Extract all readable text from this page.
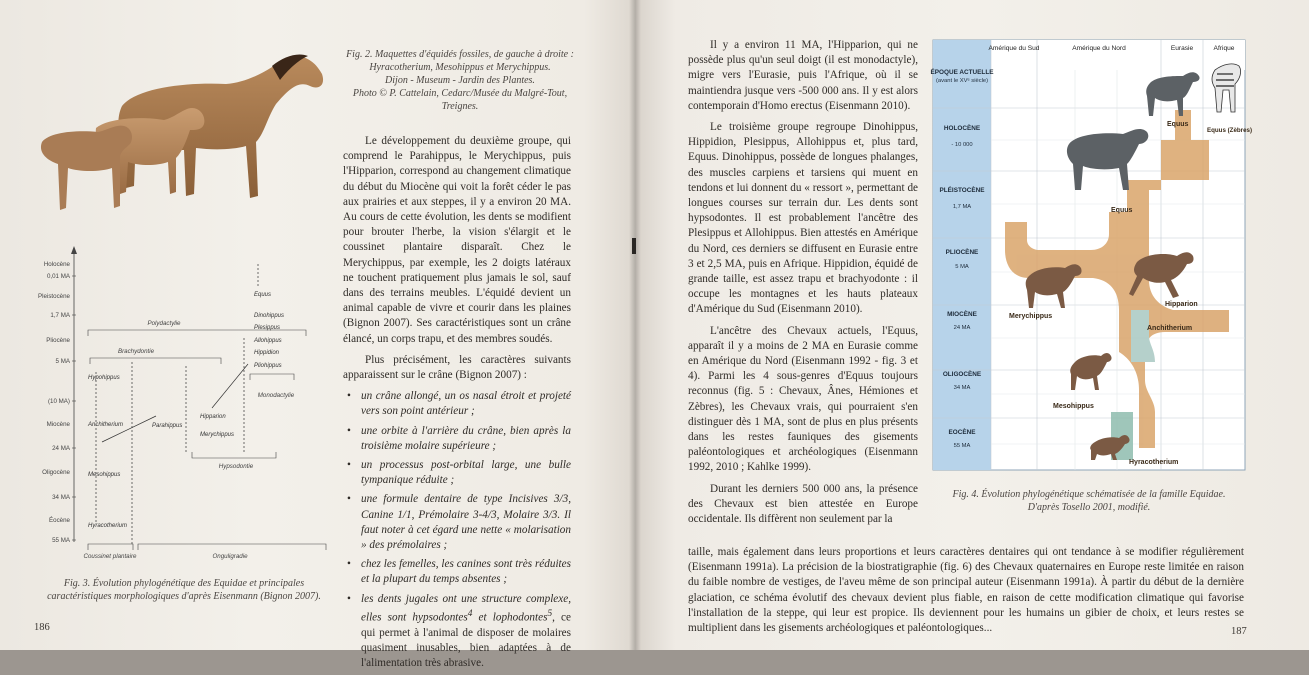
Fig. 2. Maquettes d'équidés fossiles, de gauche à droite :
Hyracotherium, Mesohippus et Merychippus.
Dijon - Museum - Jardin des Plantes.
Photo © P. Cattelain, Cedarc/Musée du Malgré-Tout,
Treignes.

Le développement du deuxième groupe, qui comprend le Parahippus, le Merychippus, puis l'Hipparion, correspond au changement climatique du début du Miocène qui voit la forêt céder le pas aux prairies et aux steppes, il y a environ 20 MA. Au cours de cette évolution, les dents se modifient pour brouter l'herbe, la vision s'élargit et le coussinet plantaire disparaît. Chez le Merychippus, par exemple, les 2 doigts latéraux ne touchent pratiquement plus jamais le sol, sauf dans des terrains meubles. L'équidé devient un animal capable de vivre et courir dans les plaines (Bignon 2007). Ses caractéristiques sont un crâne élancé, un corps trapu, et des membres soudés.

Plus précisément, les caractères suivants apparaissent sur le crâne (Bignon 2007) :

• un crâne allongé, un os nasal étroit et projeté vers son point antérieur ;
• une orbite à l'arrière du crâne, bien après la troisième molaire supérieure ;
• un processus post-orbital large, une bulle tympanique réduite ;
• une formule dentaire de type Incisives 3/3, Canine 1/1, Prémolaire 3-4/3, Molaire 3/3. Il faut noter à cet égard une nette « molarisation » des prémolaires ;
• chez les femelles, les canines sont très réduites et la plupart du temps absentes ;
• les dents jugales ont une structure complexe, elles sont hypsodontes$^4$ et lophodontes$^5$, ce qui permet à l'animal de disposer de molaires quasiment inusables, bien adaptées à de l'alimentation très abrasive.
Holocène
0,01 MA
Pleistocène
1,7 MA
Pliocène
5 MA
(10 MA)
Miocène
24 MA
Oligocène
34 MA
Éocène
55 MA
Polydactylie
Brachydontie
Monodactylie
Hypsodontie
Coussinet plantaire	Onguligradie
Hypohippus
Anchitherium	Parahippus
Mesohippus
Hyracotherium
Hipparion
Merychippus
Equus
Dinohippus
Plesippus
Allohippus
Hippidion
Pliohippus
Fig. 3. Évolution phylogénétique des Equidae et principales
caractéristiques morphologiques d'après Eisenmann (Bignon 2007).
186

Il y a environ 11 MA, l'Hipparion, qui ne possède plus qu'un seul doigt (il est monodactyle), migre vers l'Eurasie, puis l'Afrique, où il se maintiendra jusque vers -500 000 ans. Il y est alors contemporain d'Homo erectus (Eisenmann 2010).

Le troisième groupe regroupe Dinohippus, Hippidion, Plesippus, Allohippus et, plus tard, Equus. Dinohippus, possède de longues phalanges, des muscles carpiens et tarsiens qui muent en tendons et lui donnent du « ressort », permettant de longues courses sur terrain dur. Les dents sont hypsodontes. Il est probablement l'ancêtre des Plesippus et Allohippus. Bien attestés en Amérique du Nord, ces derniers se diffusent en Eurasie entre 3 et 2,5 MA, puis en Afrique. Hippidion, équidé de grande taille, est assez trapu et brachyodonte : il occupe les montagnes et les hauts plateaux d'Amérique du Sud (Eisenmann 2010).

L'ancêtre des Chevaux actuels, l'Equus, apparaît il y a moins de 2 MA en Eurasie comme en Amérique du Nord (Eisenmann 1992 - fig. 3 et 4). Parmi les 4 sous-genres d'Equus toujours reconnus (fig. 5 : Chevaux, Ânes, Hémiones et Zèbres), les Chevaux vrais, qui pourraient s'en distinguer dès 1 MA, sont de plus en plus présents dans les restes fauniques des gisements paléontologiques et archéologiques (Eisenmann 1992, 2010 ; Kahlke 1999).

Durant les derniers 500 000 ans, la présence des Chevaux est bien attestée en Europe occidentale. Ils diffèrent non seulement par la

Amérique du Sud	Amérique du Nord	Eurasie	Afrique
ÉPOQUE ACTUELLE
HOLOCÈNE
PLÉISTOCÈNE
PLIOCÈNE
MIOCÈNE
OLIGOCÈNE
EOCÈNE
(avant le XVᵉ siècle)
- 10 000
1,7 MA
5 MA
24 MA
34 MA
55 MA
Equus
Equus
Equus (Zèbres)
Merychippus
Hipparion
Anchitherium
Mesohippus
Hyracotherium
Fig. 4. Évolution phylogénétique schématisée de la famille Equidae.
D'après Tosello 2001, modifié.

taille, mais également dans leurs proportions et leurs caractères dentaires qui ont tendance à se modifier régulièrement (Eisenmann 1991a). La précision de la biostratigraphie (fig. 6) des Chevaux quaternaires en Europe reste limitée en raison du faible nombre de vestiges, de l'aveu même de son principal auteur (Eisenmann 1991a). À partir du début de la dernière glaciation, ce schéma évolutif des chevaux devient plus fiable, en raison de cette modification climatique qui favorise l'installation de la steppe, qui leur est propice. Ils deviennent pour les humains un gibier de choix, et leurs restes se multiplient dans les gisements archéologiques et paléontologiques...	187
